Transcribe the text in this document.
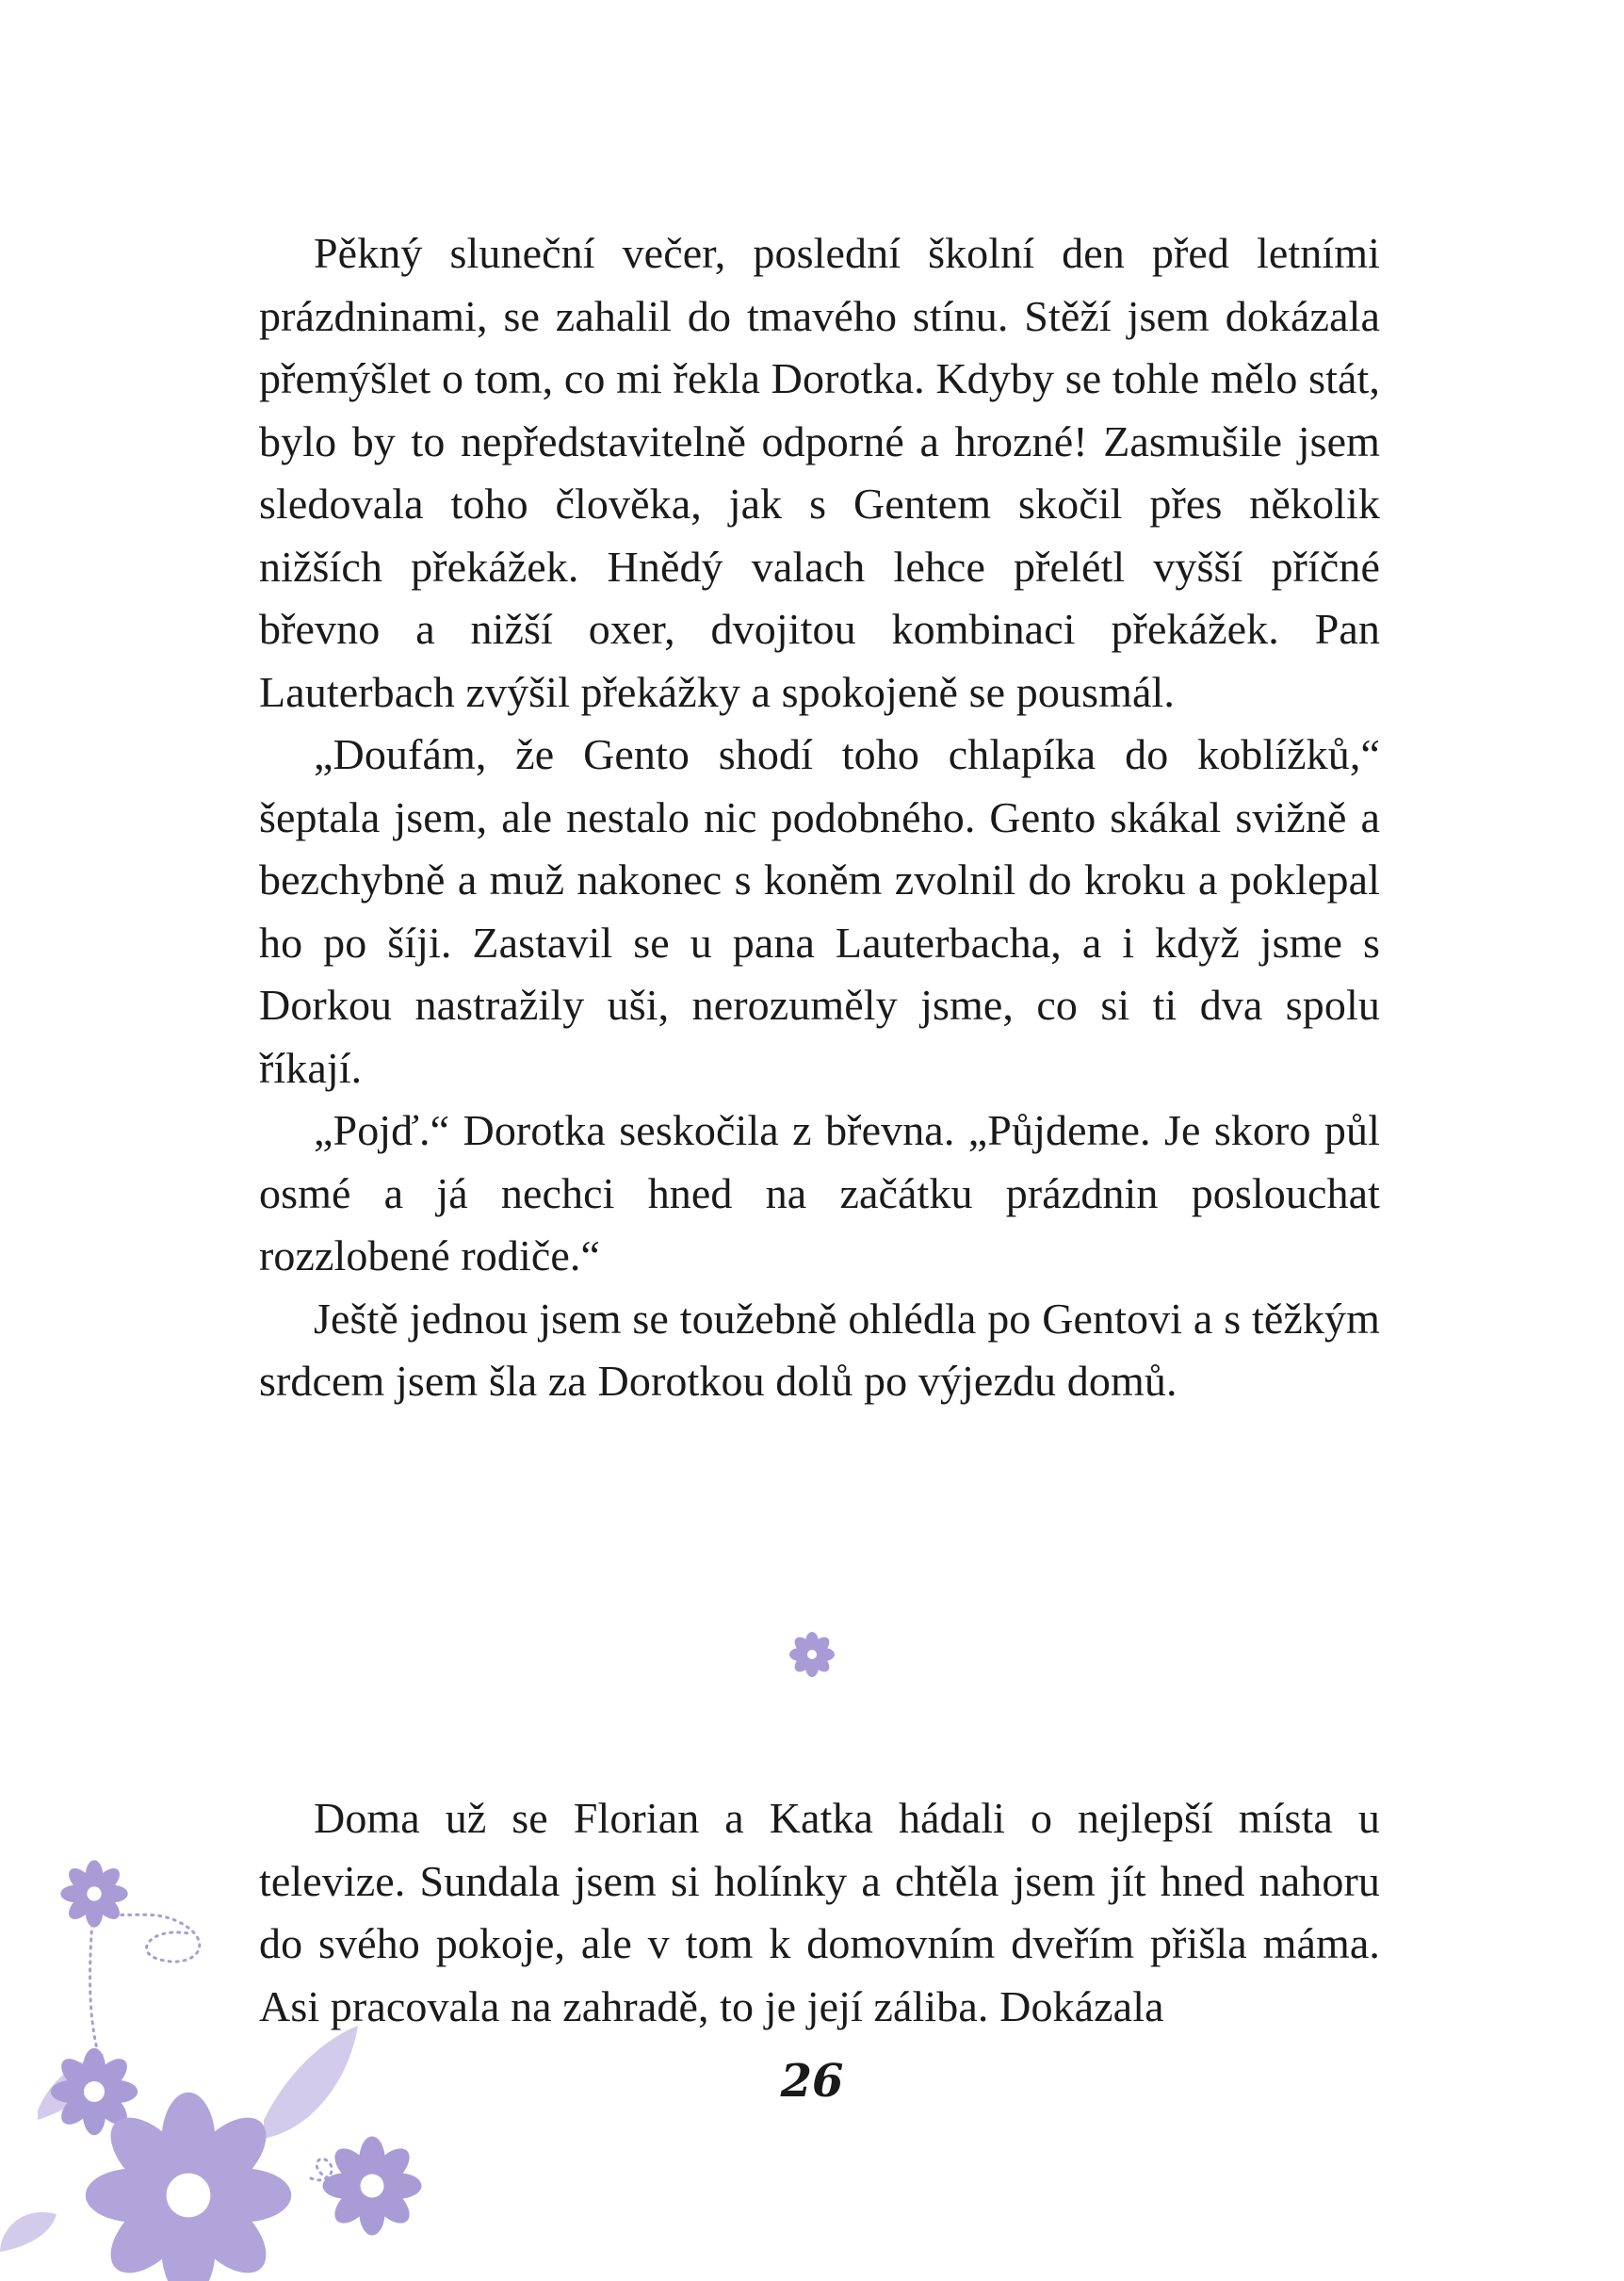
Pěkný sluneční večer, poslední školní den před letními prázdninami, se zahalil do tmavého stínu. Stěží jsem dokázala přemýšlet o tom, co mi řekla Dorotka. Kdyby se tohle mělo stát, bylo by to nepředstavitelně odporné a hrozné! Zasmušile jsem sledovala toho člověka, jak s Gentem skočil přes několik nižších překážek. Hnědý valach lehce přelétl vyšší příčné břevno a nižší oxer, dvojitou kombinaci překážek. Pan Lauterbach zvýšil překážky a spokojeně se pousmál.

„Doufám, že Gento shodí toho chlapíka do koblížků,“ šeptala jsem, ale nestalo nic podobného. Gento skákal svižně a bezchybně a muž nakonec s koněm zvolnil do kroku a poklepal ho po šíji. Zastavil se u pana Lauterbacha, a i když jsme s Dorkou nastražily uši, nerozuměly jsme, co si ti dva spolu říkají.

„Pojď.“ Dorotka seskočila z břevna. „Půjdeme. Je skoro půl osmé a já nechci hned na začátku prázdnin poslouchat rozzlobené rodiče.“

Ještě jednou jsem se toužebně ohlédla po Gentovi a s těžkým srdcem jsem šla za Dorotkou dolů po výjezdu domů.

Doma už se Florian a Katka hádali o nejlepší místa u televize. Sundala jsem si holínky a chtěla jsem jít hned nahoru do svého pokoje, ale v tom k domovním dveřím přišla máma. Asi pracovala na zahradě, to je její záliba. Dokázala

26
